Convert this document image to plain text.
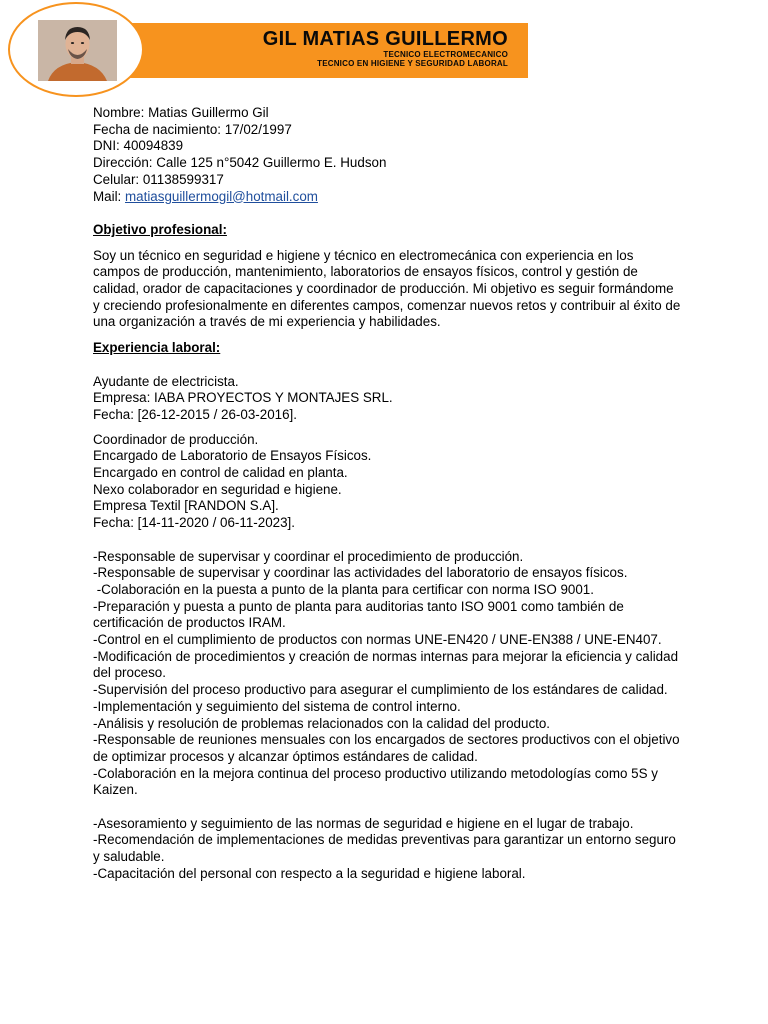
GIL MATIAS GUILLERMO
TECNICO ELECTROMECANICO
TECNICO EN HIGIENE Y SEGURIDAD LABORAL
Nombre: Matias Guillermo Gil
Fecha de nacimiento: 17/02/1997
DNI: 40094839
Dirección: Calle 125 n°5042 Guillermo E. Hudson
Celular: 01138599317
Mail: matiasguillermogil@hotmail.com
Objetivo profesional:
Soy un técnico en seguridad e higiene y técnico en electromecánica con experiencia en los campos de producción, mantenimiento, laboratorios de ensayos físicos, control y gestión de calidad, orador de capacitaciones y coordinador de producción. Mi objetivo es seguir formándome y creciendo profesionalmente en diferentes campos, comenzar nuevos retos y contribuir al éxito de una organización a través de mi experiencia y habilidades.
Experiencia laboral:
Ayudante de electricista.
Empresa: IABA PROYECTOS Y MONTAJES SRL.
Fecha: [26-12-2015 / 26-03-2016].
Coordinador de producción.
Encargado de Laboratorio de Ensayos Físicos.
Encargado en control de calidad en planta.
Nexo colaborador en seguridad e higiene.
Empresa Textil [RANDON S.A].
Fecha: [14-11-2020 / 06-11-2023].
-Responsable de supervisar y coordinar el procedimiento de producción.
-Responsable de supervisar y coordinar las actividades del laboratorio de ensayos físicos.
-Colaboración en la puesta a punto de la planta para certificar con norma ISO 9001.
-Preparación y puesta a punto de planta para auditorias tanto ISO 9001 como también de certificación de productos IRAM.
-Control en el cumplimiento de productos con normas UNE-EN420 / UNE-EN388 / UNE-EN407.
-Modificación de procedimientos y creación de normas internas para mejorar la eficiencia y calidad del proceso.
-Supervisión del proceso productivo para asegurar el cumplimiento de los estándares de calidad.
-Implementación y seguimiento del sistema de control interno.
-Análisis y resolución de problemas relacionados con la calidad del producto.
-Responsable de reuniones mensuales con los encargados de sectores productivos con el objetivo de optimizar procesos y alcanzar óptimos estándares de calidad.
-Colaboración en la mejora continua del proceso productivo utilizando metodologías como 5S y Kaizen.
-Asesoramiento y seguimiento de las normas de seguridad e higiene en el lugar de trabajo.
-Recomendación de implementaciones de medidas preventivas para garantizar un entorno seguro y saludable.
-Capacitación del personal con respecto a la seguridad e higiene laboral.
